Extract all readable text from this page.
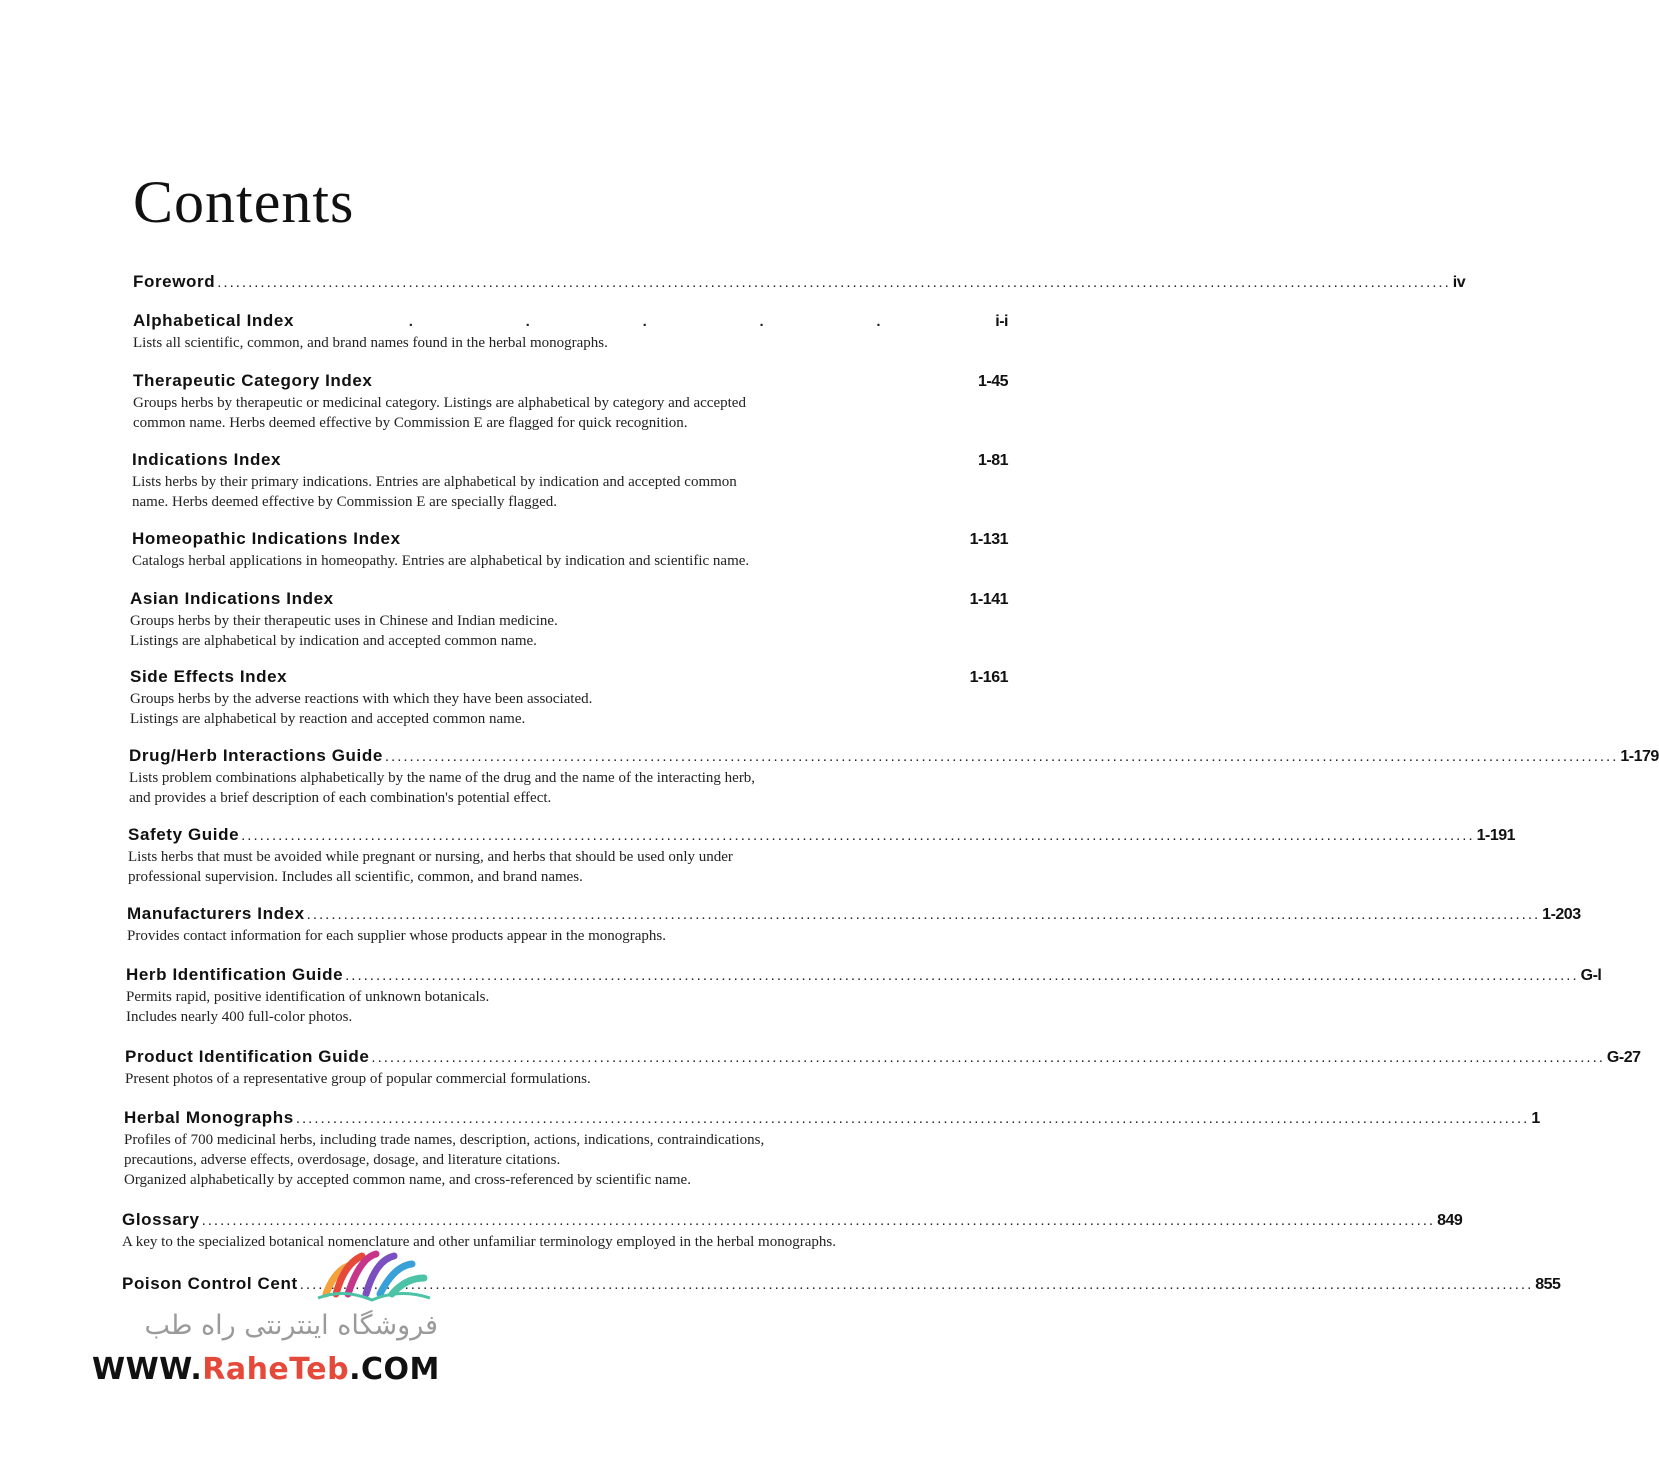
Contents
Foreword ........................................................................................................................................................................................................ iv
Alphabetical Index	.	.	.	.	.	i-i
Lists all scientific, common, and brand names found in the herbal monographs.
Therapeutic Category Index	1-45
Groups herbs by therapeutic or medicinal category. Listings are alphabetical by category and accepted
common name. Herbs deemed effective by Commission E are flagged for quick recognition.
Indications Index	1-81
Lists herbs by their primary indications. Entries are alphabetical by indication and accepted common
name. Herbs deemed effective by Commission E are specially flagged.
Homeopathic Indications Index	1-131
Catalogs herbal applications in homeopathy. Entries are alphabetical by indication and scientific name.
Asian Indications Index	1-141
Groups herbs by their therapeutic uses in Chinese and Indian medicine.
Listings are alphabetical by indication and accepted common name.
Side Effects Index	1-161
Groups herbs by the adverse reactions with which they have been associated.
Listings are alphabetical by reaction and accepted common name.
Drug/Herb Interactions Guide ........................................................................................................................................................................................................ 1-179
Lists problem combinations alphabetically by the name of the drug and the name of the interacting herb,
and provides a brief description of each combination's potential effect.
Safety Guide ........................................................................................................................................................................................................ 1-191
Lists herbs that must be avoided while pregnant or nursing, and herbs that should be used only under
professional supervision. Includes all scientific, common, and brand names.
Manufacturers Index ........................................................................................................................................................................................................ 1-203
Provides contact information for each supplier whose products appear in the monographs.
Herb Identification Guide ........................................................................................................................................................................................................ G-l
Permits rapid, positive identification of unknown botanicals.
Includes nearly 400 full-color photos.
Product Identification Guide ........................................................................................................................................................................................................ G-27
Present photos of a representative group of popular commercial formulations.
Herbal Monographs ........................................................................................................................................................................................................ 1
Profiles of 700 medicinal herbs, including trade names, description, actions, indications, contraindications,
precautions, adverse effects, overdosage, dosage, and literature citations.
Organized alphabetically by accepted common name, and cross-referenced by scientific name.
Glossary ........................................................................................................................................................................................................ 849
A key to the specialized botanical nomenclature and other unfamiliar terminology employed in the herbal monographs.
Poison Control Cent ........................................................................................................................................................................................................ 855
فروشگاه اینترنتی راه طب
WWW.RaheTeb.COM
